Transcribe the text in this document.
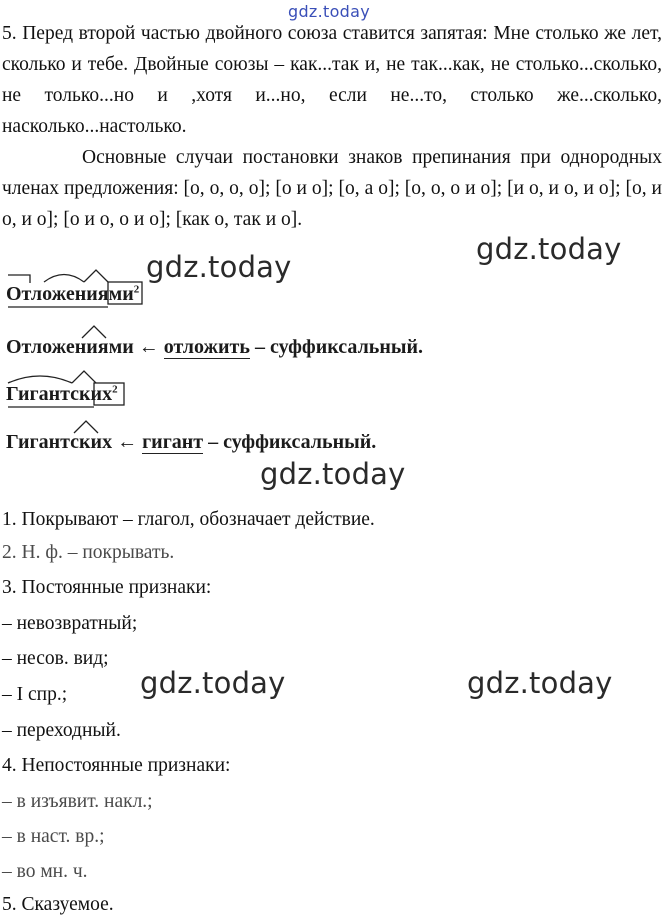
gdz.today
5. Перед второй частью двойного союза ставится запятая: Мне столько же лет, сколько и тебе. Двойные союзы – как...так и, не так...как, не столько...сколько, не только...но и ,хотя и...но, если не...то, столько же...сколько, насколько...настолько.
Основные случаи постановки знаков препинания при однородных членах предложения: [о, о, о, о]; [о и о]; [о, а о]; [о, о, о и о]; [и о, и о, и о]; [о, и о, и о]; [о и о, о и о]; [как о, так и о].
gdz.today
gdz.today
gdz.today
gdz.today	gdz.today
Отложениями$^2$
Отложениями ← отложить – суффиксальный.
Гигантских$^2$
Гигантских ← гигант – суффиксальный.
1. Покрывают – глагол, обозначает действие.
2. Н. ф. – покрывать.
3. Постоянные признаки:
– невозвратный;
– несов. вид;
– I спр.;
– переходный.
4. Непостоянные признаки:
– в изъявит. накл.;
– в наст. вр.;
– во мн. ч.
5. Сказуемое.
